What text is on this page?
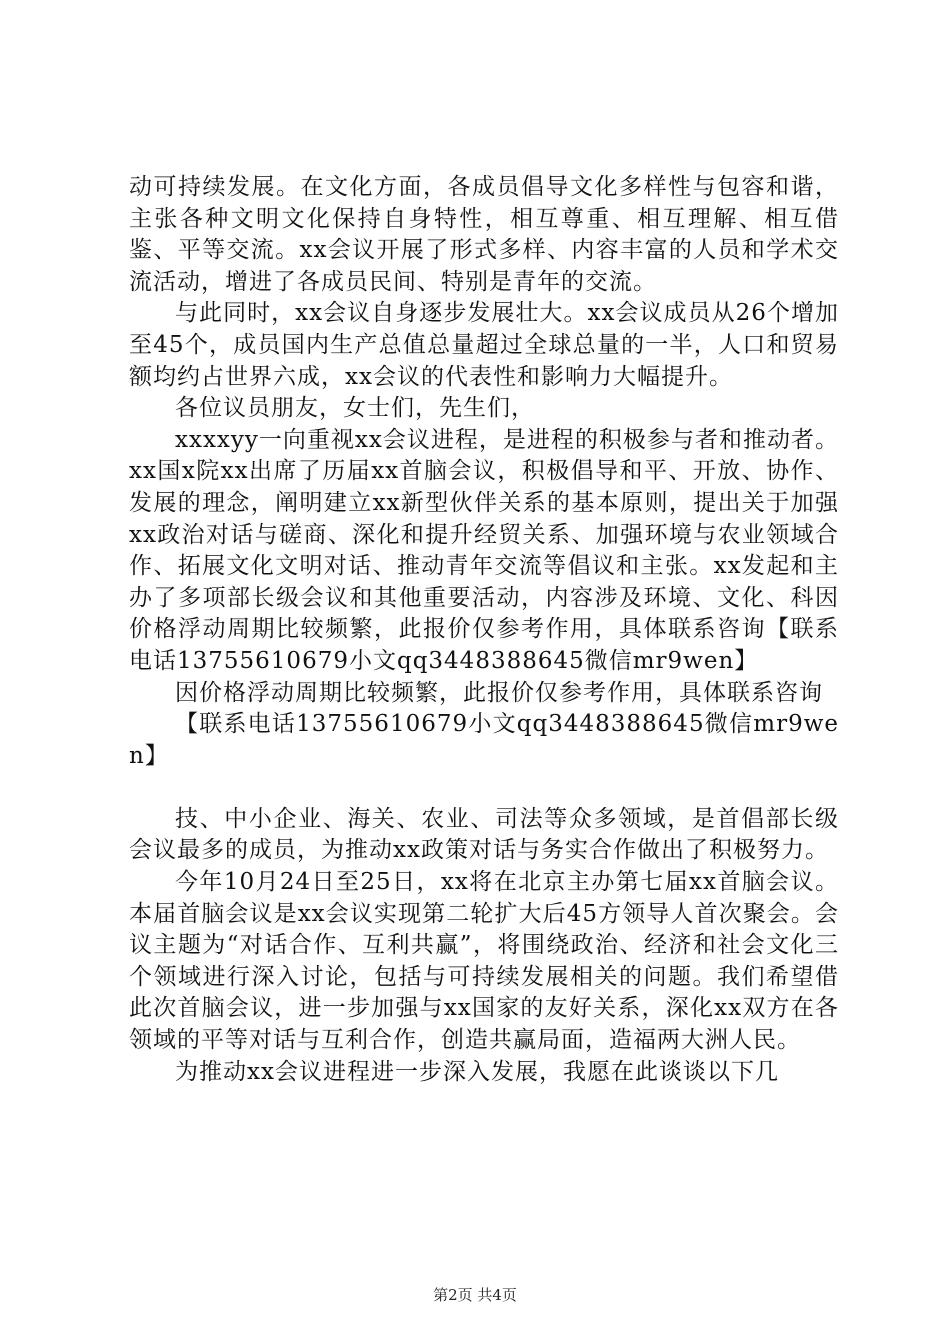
动可持续发展。在文化方面，各成员倡导文化多样性与包容和谐，主张各种文明文化保持自身特性，相互尊重、相互理解、相互借鉴、平等交流。xx会议开展了形式多样、内容丰富的人员和学术交流活动，增进了各成员民间、特别是青年的交流。

与此同时，xx会议自身逐步发展壮大。xx会议成员从26个增加至45个，成员国内生产总值总量超过全球总量的一半，人口和贸易额均约占世界六成，xx会议的代表性和影响力大幅提升。

各位议员朋友，女士们，先生们，

xxxxyy一向重视xx会议进程，是进程的积极参与者和推动者。xx国x院xx出席了历届xx首脑会议，积极倡导和平、开放、协作、发展的理念，阐明建立xx新型伙伴关系的基本原则，提出关于加强xx政治对话与磋商、深化和提升经贸关系、加强环境与农业领域合作、拓展文化文明对话、推动青年交流等倡议和主张。xx发起和主办了多项部长级会议和其他重要活动，内容涉及环境、文化、科因价格浮动周期比较频繁，此报价仅参考作用，具体联系咨询【联系电话13755610679小文qq3448388645微信mr9wen】

因价格浮动周期比较频繁，此报价仅参考作用，具体联系咨询

【联系电话13755610679小文qq3448388645微信mr9wen】

技、中小企业、海关、农业、司法等众多领域，是首倡部长级会议最多的成员，为推动xx政策对话与务实合作做出了积极努力。

今年10月24日至25日，xx将在北京主办第七届xx首脑会议。本届首脑会议是xx会议实现第二轮扩大后45方领导人首次聚会。会议主题为“对话合作、互利共赢”，将围绕政治、经济和社会文化三个领域进行深入讨论，包括与可持续发展相关的问题。我们希望借此次首脑会议，进一步加强与xx国家的友好关系，深化xx双方在各领域的平等对话与互利合作，创造共赢局面，造福两大洲人民。

为推动xx会议进程进一步深入发展，我愿在此谈谈以下几

第2页 共4页
